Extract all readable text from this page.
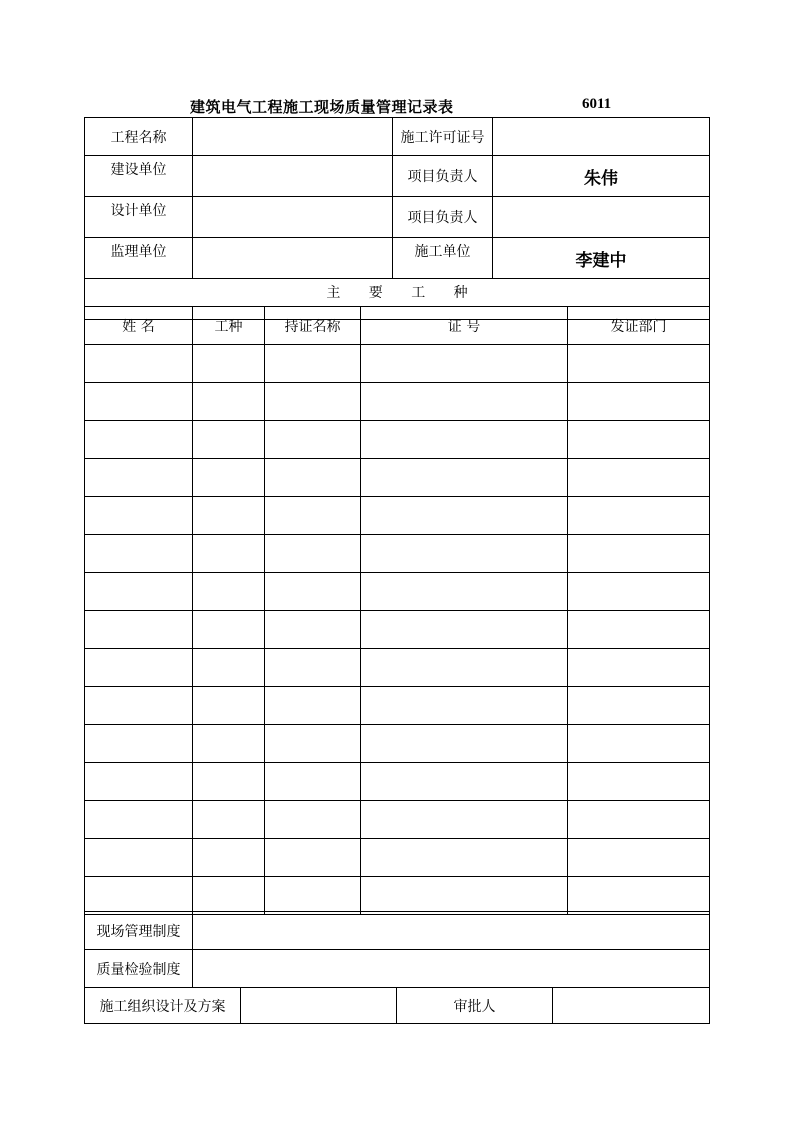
建筑电气工程施工现场质量管理记录表	6011
工程名称		施工许可证号	
建设单位		项目负责人	朱伟
设计单位		项目负责人	
监理单位		施工单位	李建中
主 要 工 种			
姓 名	工种	持证名称	证 号	发证部门

现场管理制度	
质量检验制度	
施工组织设计及方案		审批人	
